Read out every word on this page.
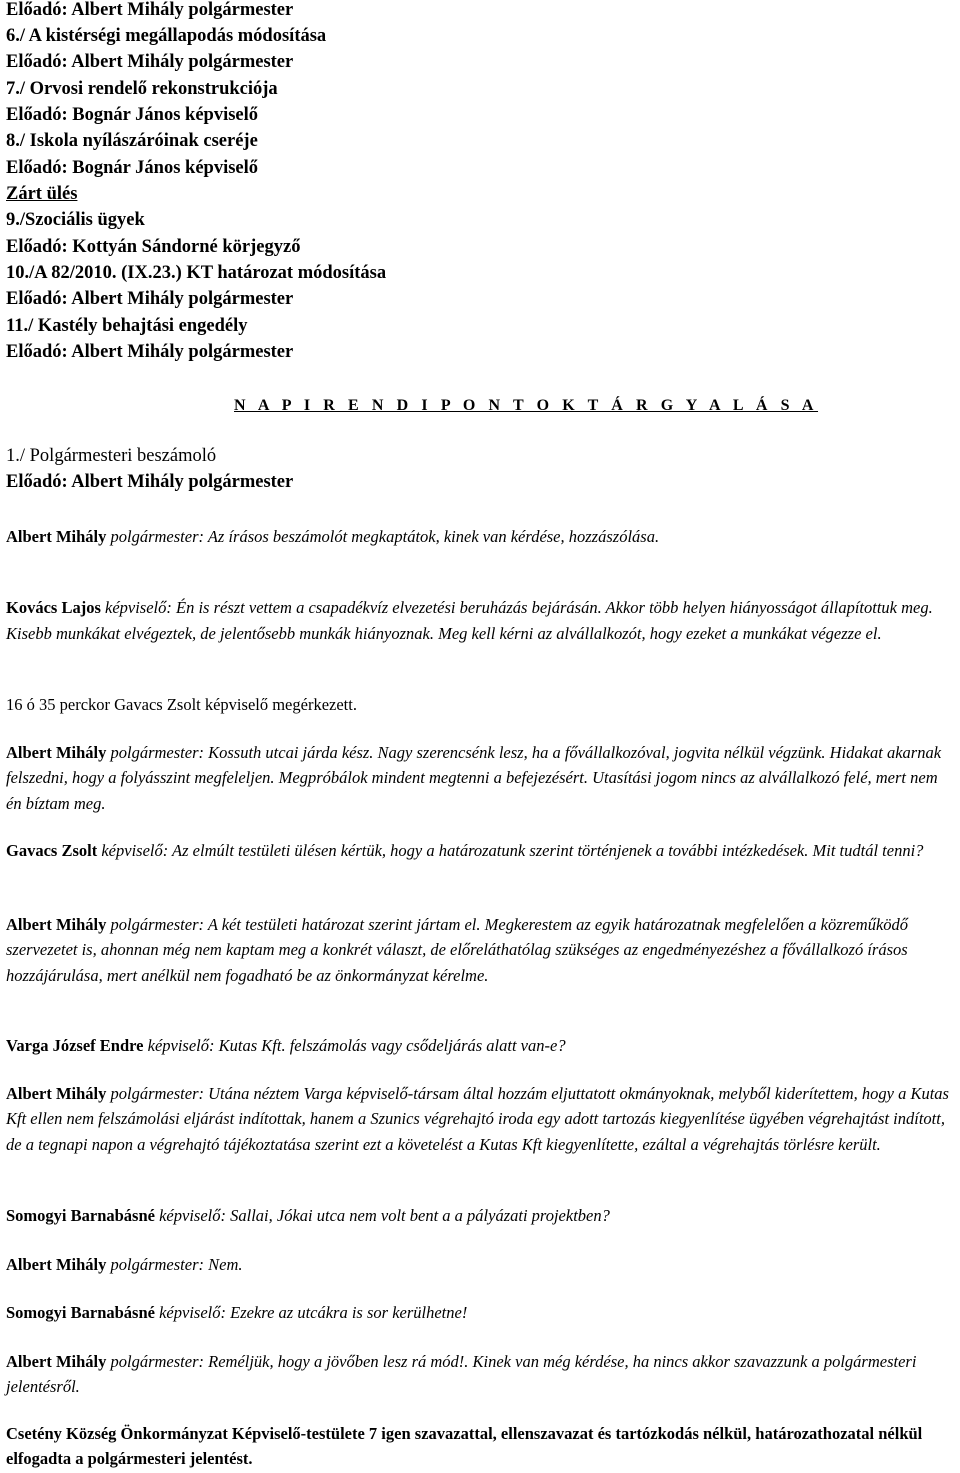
Előadó: Albert Mihály polgármester
6./ A kistérségi megállapodás módosítása
Előadó: Albert Mihály polgármester
7./ Orvosi rendelő rekonstrukciója
Előadó: Bognár János képviselő
8./ Iskola nyílászáróinak cseréje
Előadó: Bognár János képviselő
Zárt ülés
9./Szociális ügyek
Előadó: Kottyán Sándorné körjegyző
10./A 82/2010. (IX.23.) KT határozat módosítása
Előadó: Albert Mihály polgármester
11./ Kastély behajtási engedély
Előadó: Albert Mihály polgármester
N A P I R E N D I P O N T O K T Á R G Y A L Á S A
1./ Polgármesteri beszámoló
Előadó: Albert Mihály polgármester
Albert Mihály polgármester: Az írásos beszámolót megkaptátok, kinek van kérdése, hozzászólása.

Kovács Lajos képviselő: Én is részt vettem a csapadékvíz elvezetési beruházás bejárásán. Akkor több helyen hiányosságot állapítottuk meg.
Kisebb munkákat elvégeztek, de jelentősebb munkák hiányoznak. Meg kell kérni az alvállalkozót, hogy ezeket a munkákat végezze el.

16 ó 35 perckor Gavacs Zsolt képviselő megérkezett.
Albert Mihály polgármester: Kossuth utcai járda kész. Nagy szerencsénk lesz, ha a fővállalkozóval, jogvita nélkül végzünk. Hidakat akarnak felszedni, hogy a folyásszint megfeleljen. Megpróbálok mindent megtenni a befejezésért. Utasítási jogom nincs az alvállalkozó felé, mert nem én bíztam meg.
Gavacs Zsolt képviselő: Az elmúlt testületi ülésen kértük, hogy a határozatunk szerint történjenek a további intézkedések. Mit tudtál tenni?
Albert Mihály polgármester: A két testületi határozat szerint jártam el. Megkerestem az egyik határozatnak megfelelően a közreműködő szervezetet is, ahonnan még nem kaptam meg a konkrét választ, de előreláthatólag szükséges az engedményezéshez a fővállalkozó írásos hozzájárulása, mert anélkül nem fogadható be az önkormányzat kérelme.
Varga József Endre képviselő: Kutas Kft. felszámolás vagy csődeljárás alatt van-e?
Albert Mihály polgármester: Utána néztem Varga képviselő-társam által hozzám eljuttatott okmányoknak, melyből kiderítettem, hogy a Kutas Kft ellen nem felszámolási eljárást indítottak, hanem a Szunics végrehajtó iroda egy adott tartozás kiegyenlítése ügyében végrehajtást indított, de a tegnapi napon a végrehajtó tájékoztatása szerint ezt a követelést a Kutas Kft kiegyenlítette, ezáltal a végrehajtás törlésre került.
Somogyi Barnabásné képviselő: Sallai, Jókai utca nem volt bent a a pályázati projektben?
Albert Mihály polgármester: Nem.
Somogyi Barnabásné képviselő: Ezekre az utcákra is sor kerülhetne!
Albert Mihály polgármester: Reméljük, hogy a jövőben lesz rá mód!. Kinek van még kérdése, ha nincs akkor szavazzunk a polgármesteri jelentésről.
Csetény Község Önkormányzat Képviselő-testülete 7 igen szavazattal, ellenszavazat és tartózkodás nélkül, határozathozatal nélkül elfogadta a polgármesteri jelentést.
